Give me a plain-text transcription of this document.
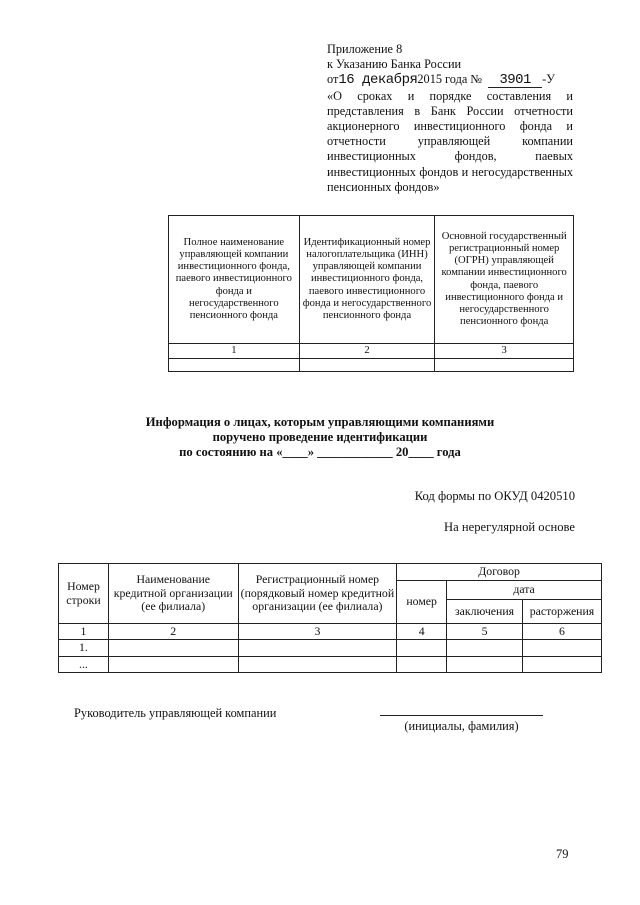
Приложение 8
к Указанию Банка России
от16 декабря2015 года № 3901 -У
«О сроках и порядке составления и
представления в Банк России отчетности
акционерного инвестиционного фонда и
отчетности управляющей компании
инвестиционных фондов, паевых
инвестиционных фондов и негосударственных
пенсионных фондов»
Полное наименование управляющей компании инвестиционного фонда, паевого инвестиционного фонда и негосударственного пенсионного фонда	Идентификационный номер налогоплательщика (ИНН) управляющей компании инвестиционного фонда, паевого инвестиционного фонда и негосударственного пенсионного фонда	Основной государственный регистрационный номер (ОГРН) управляющей компании инвестиционного фонда, паевого инвестиционного фонда и негосударственного пенсионного фонда
1	2	3

Информация о лицах, которым управляющими компаниями
поручено проведение идентификации
по состоянию на «____» ____________ 20____ года
Код формы по ОКУД 0420510
На нерегулярной основе
Номер строки	Наименование кредитной организации (ее филиала)	Регистрационный номер (порядковый номер кредитной организации (ее филиала)	Договор		
			номер	дата	
				заключения	расторжения
1	2	3	4	5	6
1.					
...					
Руководитель управляющей компании
(инициалы, фамилия)
79
